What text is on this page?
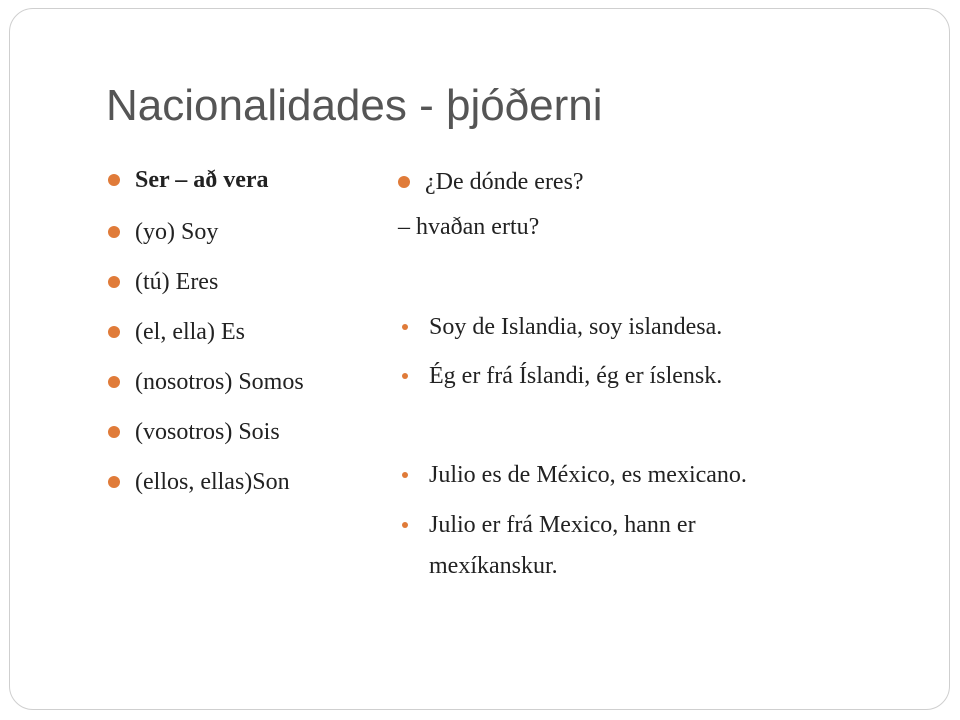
Nacionalidades - þjóðerni
Ser – að vera
(yo) Soy
(tú) Eres
(el, ella) Es
(nosotros) Somos
(vosotros) Sois
(ellos, ellas)Son
¿De dónde eres?
– hvaðan ertu?
Soy de Islandia, soy islandesa.
Ég er frá Íslandi, ég er íslensk.
Julio es de México, es mexicano.
Julio er frá Mexico, hann er
mexíkanskur.
